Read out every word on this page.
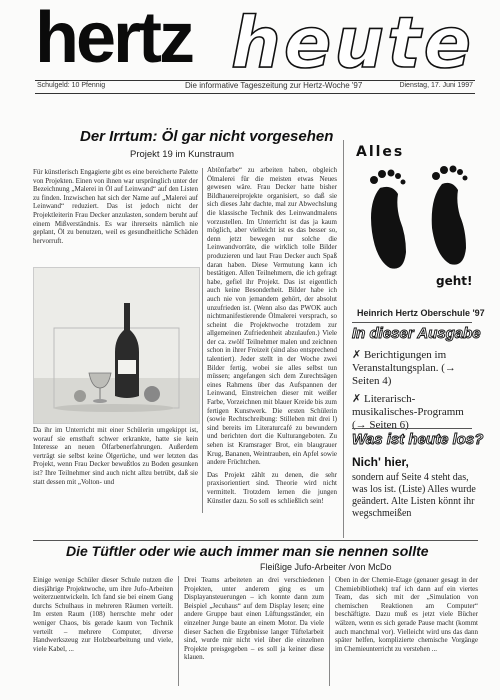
hertz heute
Schulgeld: 10 Pfennig	Die informative Tageszeitung zur Hertz-Woche '97	Dienstag, 17. Juni 1997
Der Irrtum: Öl gar nicht vorgesehen
Projekt 19 im Kunstraum
Für künstlerisch Engagierte gibt es eine bereicherte Palette von Projekten. Einen von ihnen war ursprünglich unter der Bezeichnung „Malerei in Öl auf Leinwand“ auf den Listen zu finden. Inzwischen hat sich der Name auf „Malerei auf Leinwand“ reduziert. Das ist jedoch nicht der Projektleiterin Frau Decker anzulasten, sondern beruht auf einem Mißverständnis. Es war ihrerseits nämlich nie geplant, Öl zu benutzen, weil es gesundheitliche Schäden hervorruft.
Da ihr im Unterricht mit einer Schülerin umgekippt ist, worauf sie ernsthaft schwer erkrankte, hatte sie kein Interesse an neuen Ölfarbenerfahrungen. Außerdem verträgt sie selbst keine Ölgerüche, und wer letzten das Projekt, wenn Frau Decker bewußtlos zu Boden gesunken ist? Ihre Teilnehmer sind auch nicht allzu betrübt, daß sie statt dessen mit „Volton- und
Abtönfarbe“ zu arbeiten haben, obgleich Ölmalerei für die meisten etwas Neues gewesen wäre. Frau Decker hatte bisher Bildhauereiprojekte organisiert, so daß sie sich dieses Jahr dachte, mal zur Abwechslung die klassische Technik des Leinwandmalens vorzustellen. Im Unterricht ist das ja kaum möglich, aber vielleicht ist es das besser so, denn jetzt bewegen nur solche die Leinwandvorräte, die wirklich tolle Bilder produzieren und laut Frau Decker auch Spaß daran haben. Diese Vermutung kann ich bestätigen. Allen Teilnehmern, die ich gefragt habe, gefiel ihr Projekt. Das ist eigentlich auch keine Besonderheit. Bilder habe ich auch nie von jemandem gehört, der absolut unzufrieden ist. (Wenn also das PWOK auch nichtmanifestierende Ölmalerei versprach, so scheint die Projektwoche trotzdem zur allgemeinen Zufriedenheit abzulaufen.) Viele der ca. zwölf Teilnehmer malen und zeichnen schon in ihrer Freizeit (sind also entsprechend talentiert). Jeder stellt in der Woche zwei Bilder fertig, wobei sie alles selbst tun müssen; angefangen sich dem Zurechtsägen eines Rahmens über das Aufspannen der Leinwand, Einstreichen dieser mit weißer Farbe, Vorzeichnen mit blauer Kreide bis zum fertigen Kunstwerk. Die ersten Schülerin (sowie Rechtschreibung: Stilleben mit drei l) sind bereits im Literaturcafé zu bewundern und berichten dort die Kulturangeboten. Zu sehen ist Kramsrager Brot, ein blaugrauer Krug, Bananen, Weintrauben, ein Apfel sowie andere Früchtchen.
Das Projekt zählt zu denen, die sehr praxisorientiert sind. Theorie wird nicht vermittelt. Trotzdem lernen die jungen Künstler dazu. So soll es schließlich sein!
Alles
geht!
Heinrich Hertz Oberschule '97
In dieser Ausgabe
✗ Berichtigungen im Veranstaltungsplan. (→ Seiten 4)
✗ Literarisch-musikalisches-Programm (→ Seiten 6)
Was ist heute los?
Nich' hier,
sondern auf Seite 4 steht das, was los ist. (Liste) Alles wurde geändert. Alte Listen könnt ihr wegschmeißen
Die Tüftler oder wie auch immer man sie nennen sollte
Fleißige Jufo-Arbeiter /von McDo
Einige wenige Schüler dieser Schule nutzen die diesjährige Projektwoche, um ihre Jufo-Arbeiten weiterzuentwickeln. Ich fand sie bei einem Gang durchs Schulhaus in mehreren Räumen verteilt. Im ersten Raum (108) herrschte mehr oder weniger Chaos, bis gerade kaum von Technik verteilt – mehrere Computer, diverse Handwerkszeug zur Holzbearbeitung und viele, viele Kabel, ...
Drei Teams arbeiteten an drei verschiedenen Projekten, unter anderem ging es um Displayansteuerungen – ich konnte dann zum Beispiel „Jecuhaus“ auf dem Display lesen; eine andere Gruppe baut einen Lüftungsständer, ein einzelner Junge baute an einem Motor. Da viele dieser Sachen die Ergebnisse langer Tüftelarbeit sind, wurde mir nicht viel über die einzelnen Projekte preisgegeben – es soll ja keiner diese klauen.
Oben in der Chemie-Etage (genauer gesagt in der Chemiebibliothek) traf ich dann auf ein viertes Team, das sich mit der „Simulation von chemischen Reaktionen am Computer“ beschäftigte. Dazu muß es jetzt viele Bücher wälzen, wenn es sich gerade Pause macht (kommt auch manchmal vor). Vielleicht wird uns das dann später helfen, komplizierte chemische Vorgänge im Chemieunterricht zu verstehen ...
